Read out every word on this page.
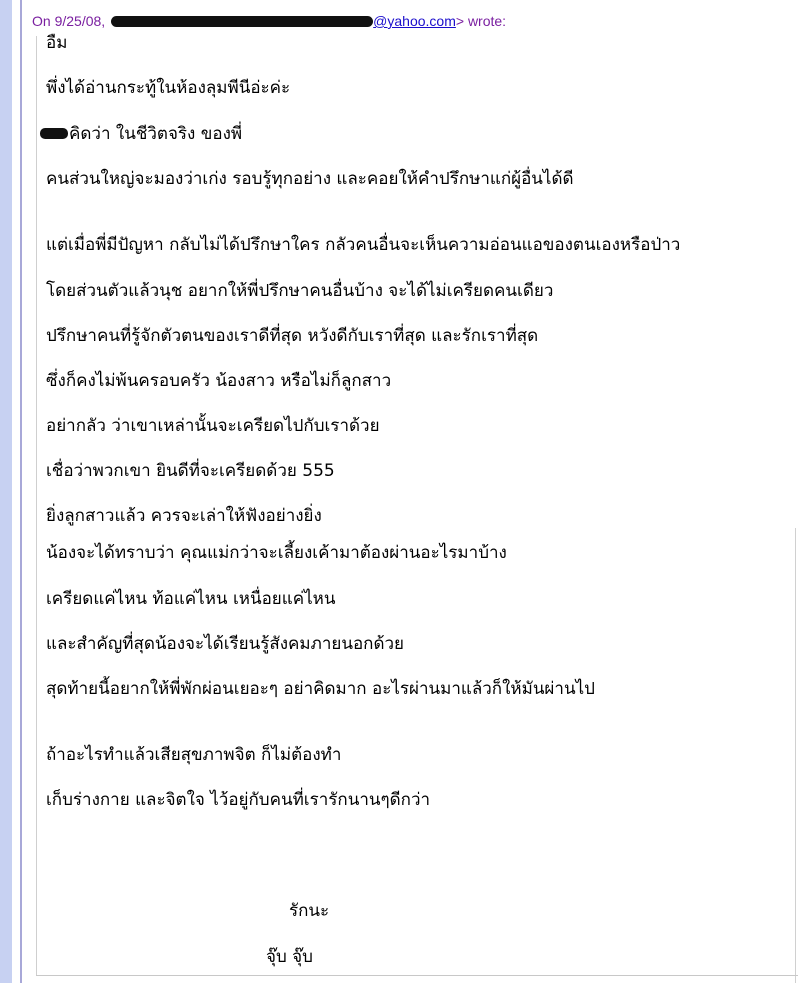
On 9/25/08,	@yahoo.com> wrote:
อืม
พึ่งได้อ่านกระทู้ในห้องลุมพีนีอ่ะค่ะ
คิดว่า ในชีวิตจริง ของพี่
คนส่วนใหญ่จะมองว่าเก่ง รอบรู้ทุกอย่าง และคอยให้คำปรึกษาแก่ผู้อื่นได้ดี
แต่เมื่อพี่มีปัญหา กลับไม่ได้ปรึกษาใคร กลัวคนอื่นจะเห็นความอ่อนแอของตนเองหรือป่าว
โดยส่วนตัวแล้วนุช อยากให้พี่ปรึกษาคนอื่นบ้าง จะได้ไม่เครียดคนเดียว
ปรึกษาคนที่รู้จักตัวตนของเราดีที่สุด หวังดีกับเราที่สุด และรักเราที่สุด
ซึ่งก็คงไม่พ้นครอบครัว น้องสาว หรือไม่ก็ลูกสาว
อย่ากลัว ว่าเขาเหล่านั้นจะเครียดไปกับเราด้วย
เชื่อว่าพวกเขา ยินดีที่จะเครียดด้วย 555
ยิ่งลูกสาวแล้ว ควรจะเล่าให้ฟังอย่างยิ่ง
น้องจะได้ทราบว่า คุณแม่กว่าจะเลี้ยงเค้ามาต้องผ่านอะไรมาบ้าง
เครียดแค่ไหน ท้อแค่ไหน เหนื่อยแค่ไหน
และสำคัญที่สุดน้องจะได้เรียนรู้สังคมภายนอกด้วย
สุดท้ายนี้อยากให้พี่พักผ่อนเยอะๆ อย่าคิดมาก อะไรผ่านมาแล้วก็ให้มันผ่านไป
ถ้าอะไรทำแล้วเสียสุขภาพจิต ก็ไม่ต้องทำ
เก็บร่างกาย และจิตใจ ไว้อยู่กับคนที่เรารักนานๆดีกว่า
รักนะ
จุ๊บ จุ๊บ
